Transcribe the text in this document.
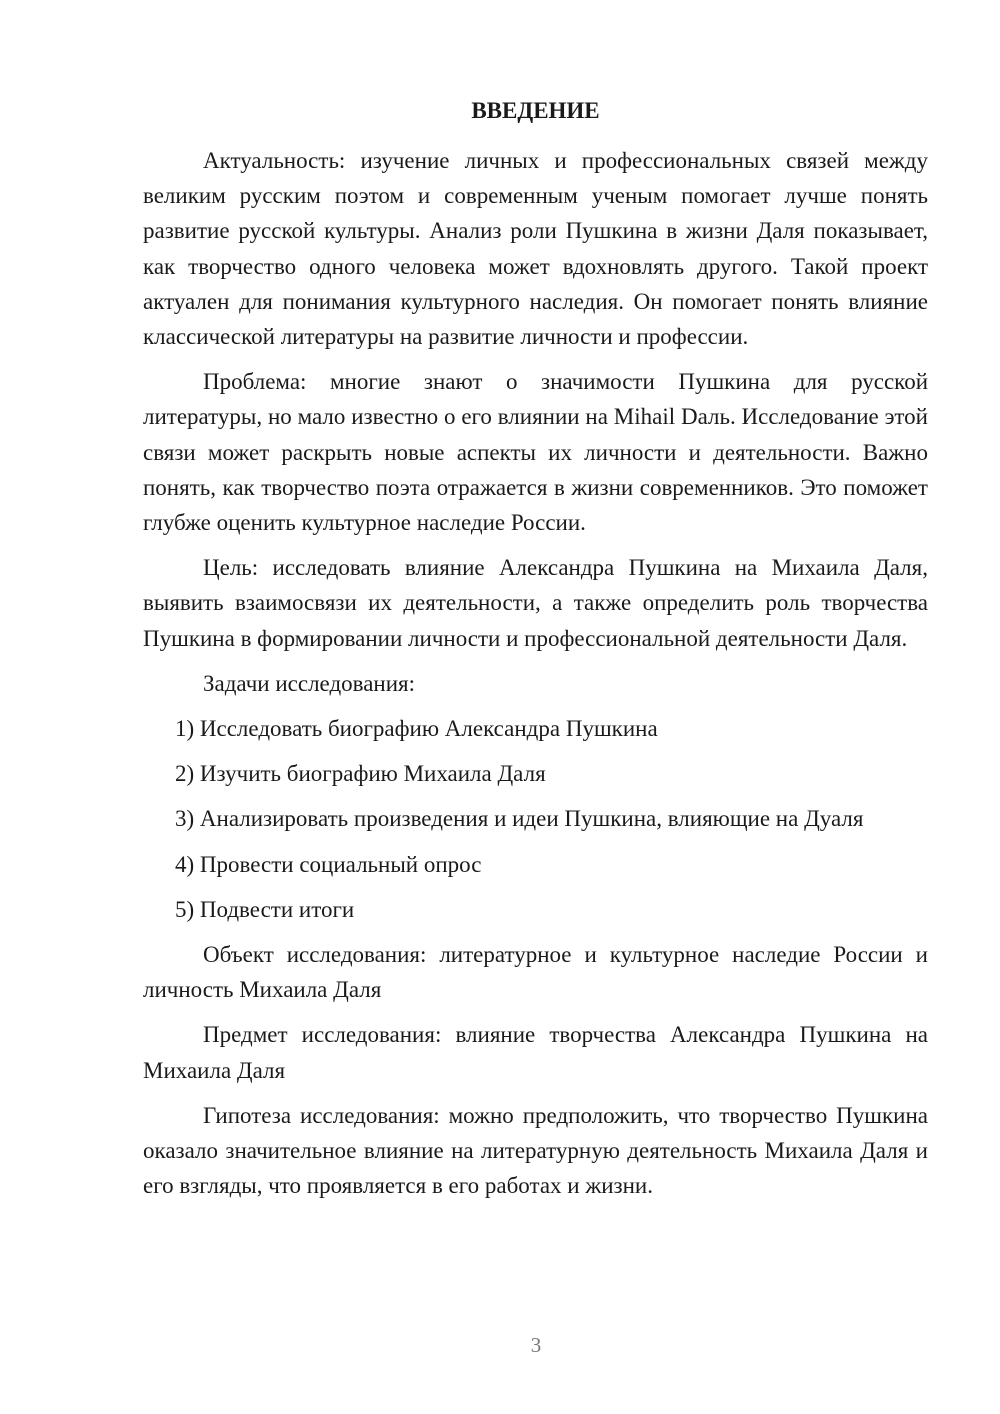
ВВЕДЕНИЕ

Актуальность: изучение личных и профессиональных связей между великим русским поэтом и современным ученым помогает лучше понять развитие русской культуры. Анализ роли Пушкина в жизни Даля показывает, как творчество одного человека может вдохновлять другого. Такой проект актуален для понимания культурного наследия. Он помогает понять влияние классической литературы на развитие личности и профессии.

Проблема: многие знают о значимости Пушкина для русской литературы, но мало известно о его влиянии на Mihail Dаль. Исследование этой связи может раскрыть новые аспекты их личности и деятельности. Важно понять, как творчество поэта отражается в жизни современников. Это поможет глубже оценить культурное наследие России.

Цель: исследовать влияние Александра Пушкина на Михаила Даля, выявить взаимосвязи их деятельности, а также определить роль творчества Пушкина в формировании личности и профессиональной деятельности Даля.

Задачи исследования:

1) Исследовать биографию Александра Пушкина
2) Изучить биографию Михаила Даля
3) Анализировать произведения и идеи Пушкина, влияющие на Дуаля
4) Провести социальный опрос
5) Подвести итоги

Объект исследования: литературное и культурное наследие России и личность Михаила Даля

Предмет исследования: влияние творчества Александра Пушкина на Михаила Даля

Гипотеза исследования: можно предположить, что творчество Пушкина оказало значительное влияние на литературную деятельность Михаила Даля и его взгляды, что проявляется в его работах и жизни.

3
